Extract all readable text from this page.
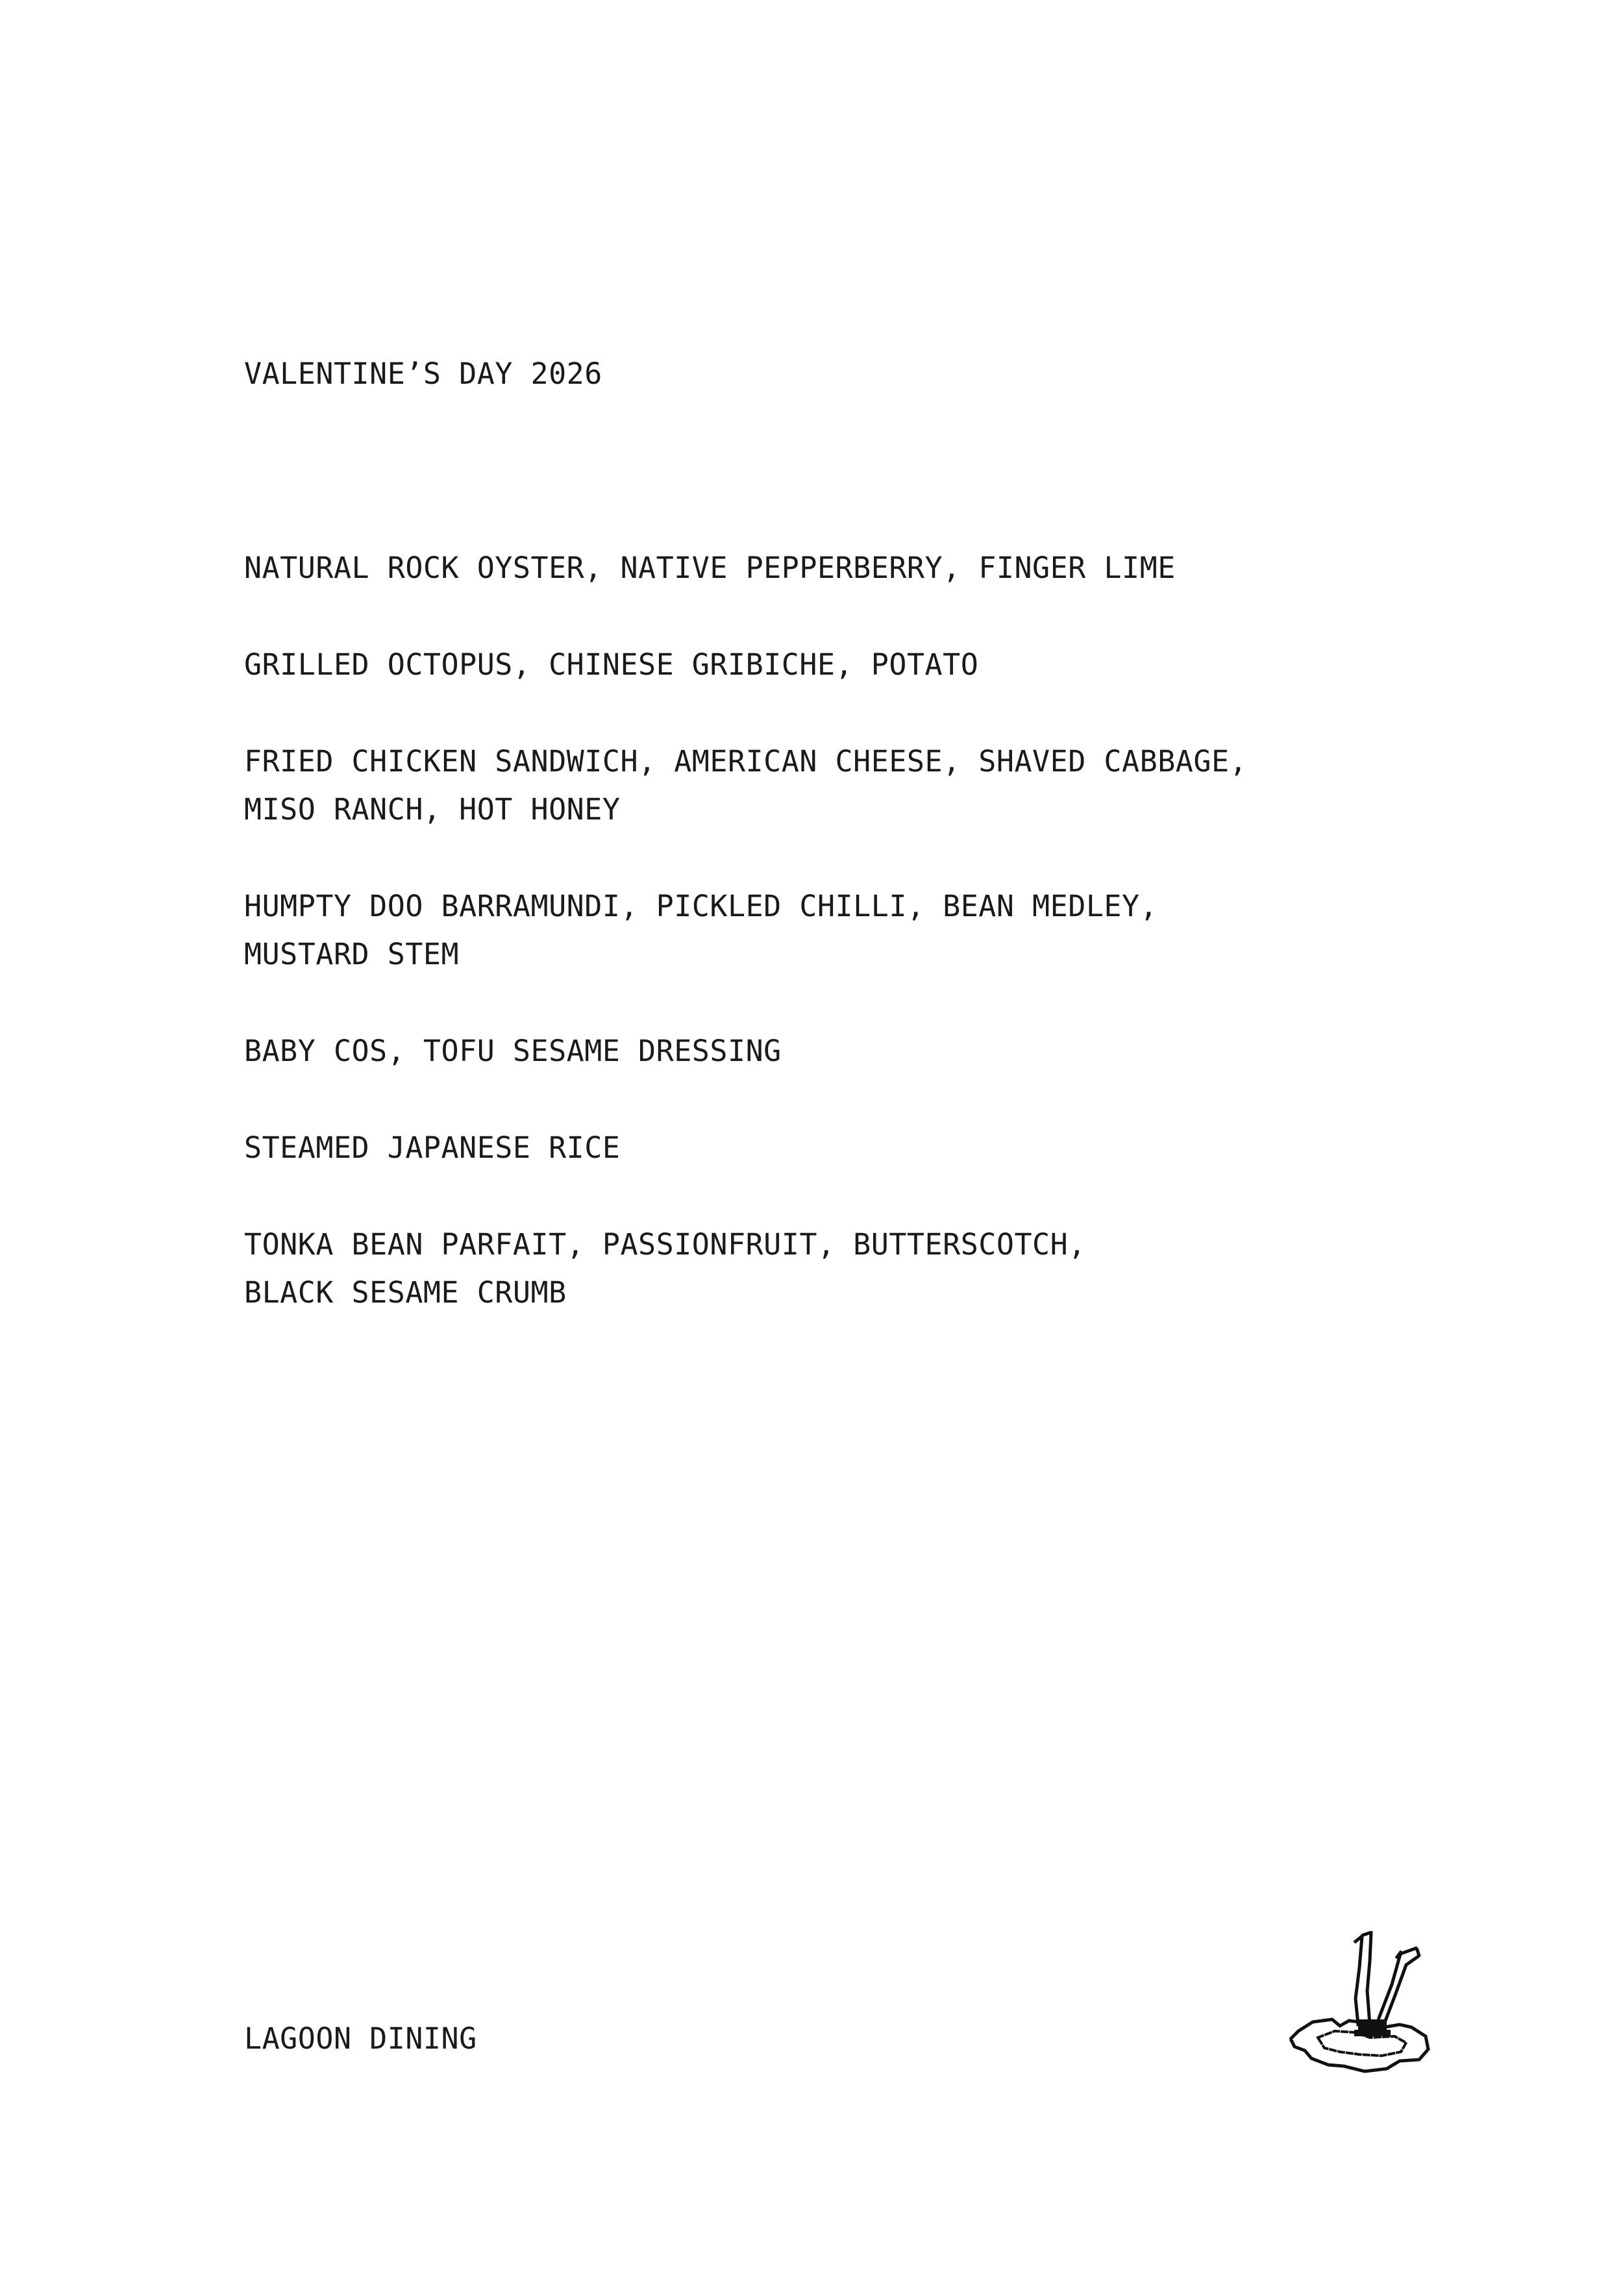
VALENTINE’S DAY 2026
NATURAL ROCK OYSTER, NATIVE PEPPERBERRY, FINGER LIME
GRILLED OCTOPUS, CHINESE GRIBICHE, POTATO
FRIED CHICKEN SANDWICH, AMERICAN CHEESE, SHAVED CABBAGE,
MISO RANCH, HOT HONEY
HUMPTY DOO BARRAMUNDI, PICKLED CHILLI, BEAN MEDLEY,
MUSTARD STEM
BABY COS, TOFU SESAME DRESSING
STEAMED JAPANESE RICE
TONKA BEAN PARFAIT, PASSIONFRUIT, BUTTERSCOTCH,
BLACK SESAME CRUMB
LAGOON DINING
